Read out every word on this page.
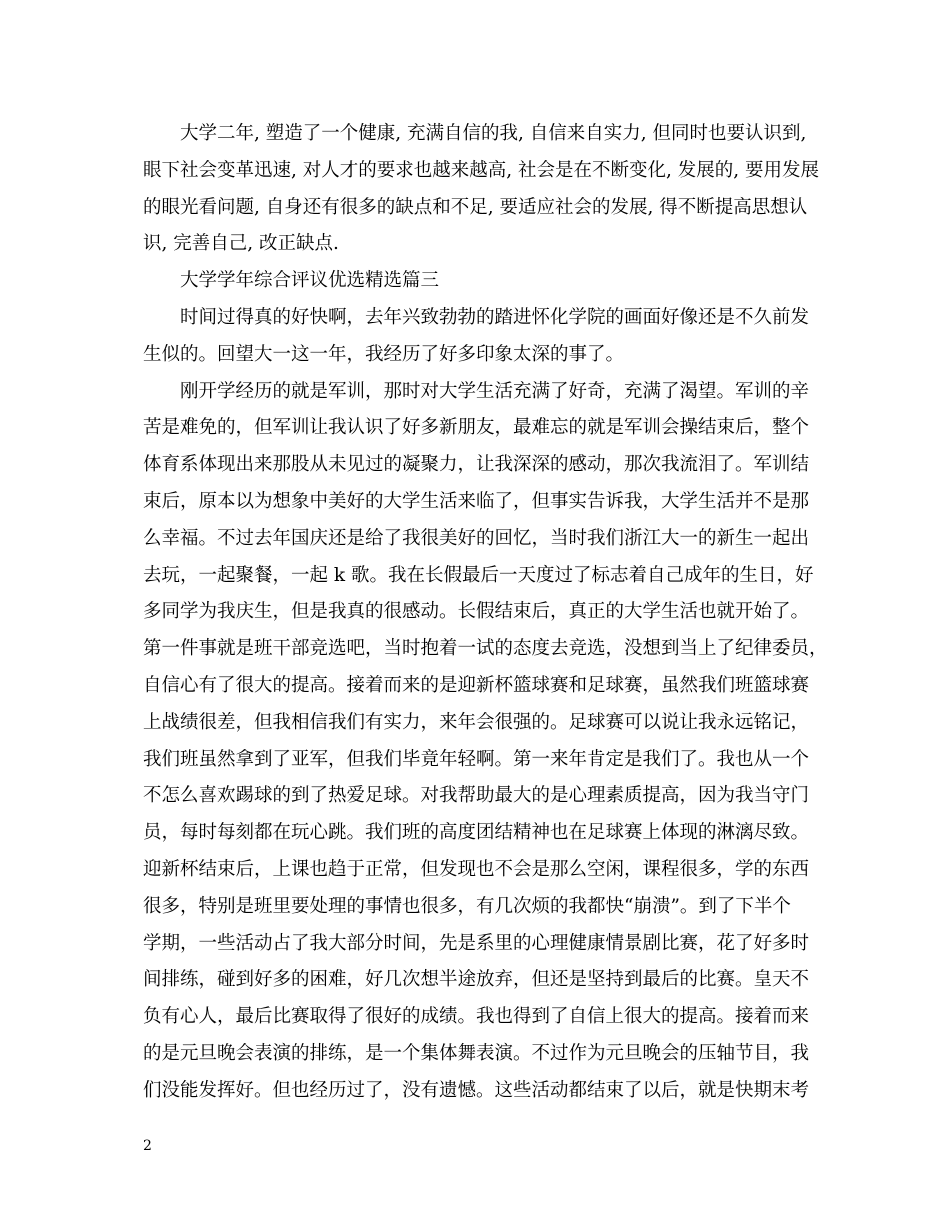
大学二年, 塑造了一个健康, 充满自信的我, 自信来自实力, 但同时也要认识到,
眼下社会变革迅速, 对人才的要求也越来越高, 社会是在不断变化, 发展的, 要用发展
的眼光看问题, 自身还有很多的缺点和不足, 要适应社会的发展, 得不断提高思想认
识, 完善自己, 改正缺点.
大学学年综合评议优选精选篇三
时间过得真的好快啊，去年兴致勃勃的踏进怀化学院的画面好像还是不久前发
生似的。回望大一这一年，我经历了好多印象太深的事了。
刚开学经历的就是军训，那时对大学生活充满了好奇，充满了渴望。军训的辛
苦是难免的，但军训让我认识了好多新朋友，最难忘的就是军训会操结束后，整个
体育系体现出来那股从未见过的凝聚力，让我深深的感动，那次我流泪了。军训结
束后，原本以为想象中美好的大学生活来临了，但事实告诉我，大学生活并不是那
么幸福。不过去年国庆还是给了我很美好的回忆，当时我们浙江大一的新生一起出
去玩，一起聚餐，一起 k 歌。我在长假最后一天度过了标志着自己成年的生日，好
多同学为我庆生，但是我真的很感动。长假结束后，真正的大学生活也就开始了。
第一件事就是班干部竞选吧，当时抱着一试的态度去竞选，没想到当上了纪律委员，
自信心有了很大的提高。接着而来的是迎新杯篮球赛和足球赛，虽然我们班篮球赛
上战绩很差，但我相信我们有实力，来年会很强的。足球赛可以说让我永远铭记，
我们班虽然拿到了亚军，但我们毕竟年轻啊。第一来年肯定是我们了。我也从一个
不怎么喜欢踢球的到了热爱足球。对我帮助最大的是心理素质提高，因为我当守门
员，每时每刻都在玩心跳。我们班的高度团结精神也在足球赛上体现的淋漓尽致。
迎新杯结束后，上课也趋于正常，但发现也不会是那么空闲，课程很多，学的东西
很多，特别是班里要处理的事情也很多，有几次烦的我都快“崩溃”。到了下半个
学期，一些活动占了我大部分时间，先是系里的心理健康情景剧比赛，花了好多时
间排练，碰到好多的困难，好几次想半途放弃，但还是坚持到最后的比赛。皇天不
负有心人，最后比赛取得了很好的成绩。我也得到了自信上很大的提高。接着而来
的是元旦晚会表演的排练，是一个集体舞表演。不过作为元旦晚会的压轴节目，我
们没能发挥好。但也经历过了，没有遗憾。这些活动都结束了以后，就是快期末考
2
